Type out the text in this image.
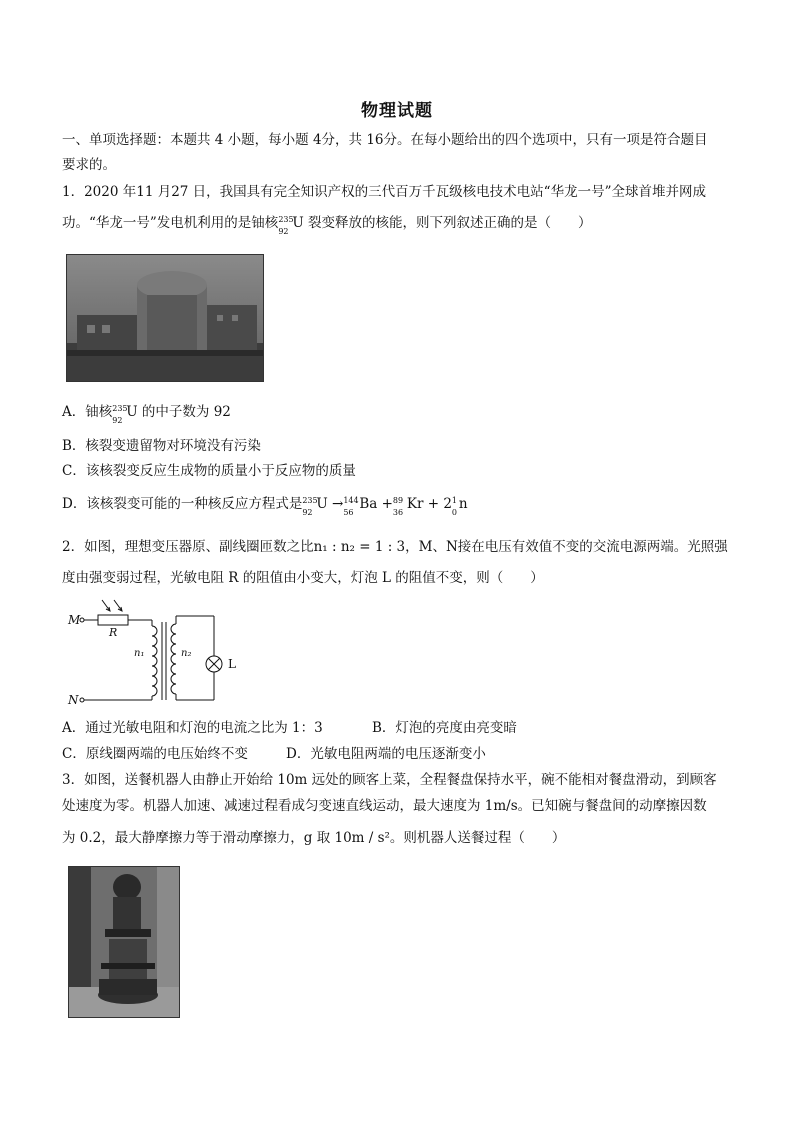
物理试题
一、单项选择题：本题共 4 小题，每小题 4分，共 16分。在每小题给出的四个选项中，只有一项是符合题目
要求的。
1．2020 年11 月27 日，我国具有完全知识产权的三代百万千瓦级核电技术电站“华龙一号”全球首堆并网成
功。“华龙一号”发电机利用的是铀核 235
92
U 裂变释放的核能，则下列叙述正确的是（　　）
A．铀核 235
92
U 的中子数为 92
B．核裂变遗留物对环境没有污染
C．该核裂变反应生成物的质量小于反应物的质量
D．该核裂变可能的一种核反应方程式是 235
92
U → 144
56
Ba + 89
36
Kr + 2 1
0
n
2．如图，理想变压器原、副线圈匝数之比n₁ : n₂ = 1 : 3，M、N接在电压有效值不变的交流电源两端。光照强
度由强变弱过程，光敏电阻 R 的阻值由小变大，灯泡 L 的阻值不变，则（　　）
M
N
R
n₁	n₂
L
A．通过光敏电阻和灯泡的电流之比为 1：3	B．灯泡的亮度由亮变暗
C．原线圈两端的电压始终不变	D．光敏电阻两端的电压逐渐变小
3．如图，送餐机器人由静止开始给 10m 远处的顾客上菜，全程餐盘保持水平，碗不能相对餐盘滑动，到顾客
处速度为零。机器人加速、减速过程看成匀变速直线运动，最大速度为 1m/s。已知碗与餐盘间的动摩擦因数
为 0.2，最大静摩擦力等于滑动摩擦力，g 取 10m / s²。则机器人送餐过程（　　）
